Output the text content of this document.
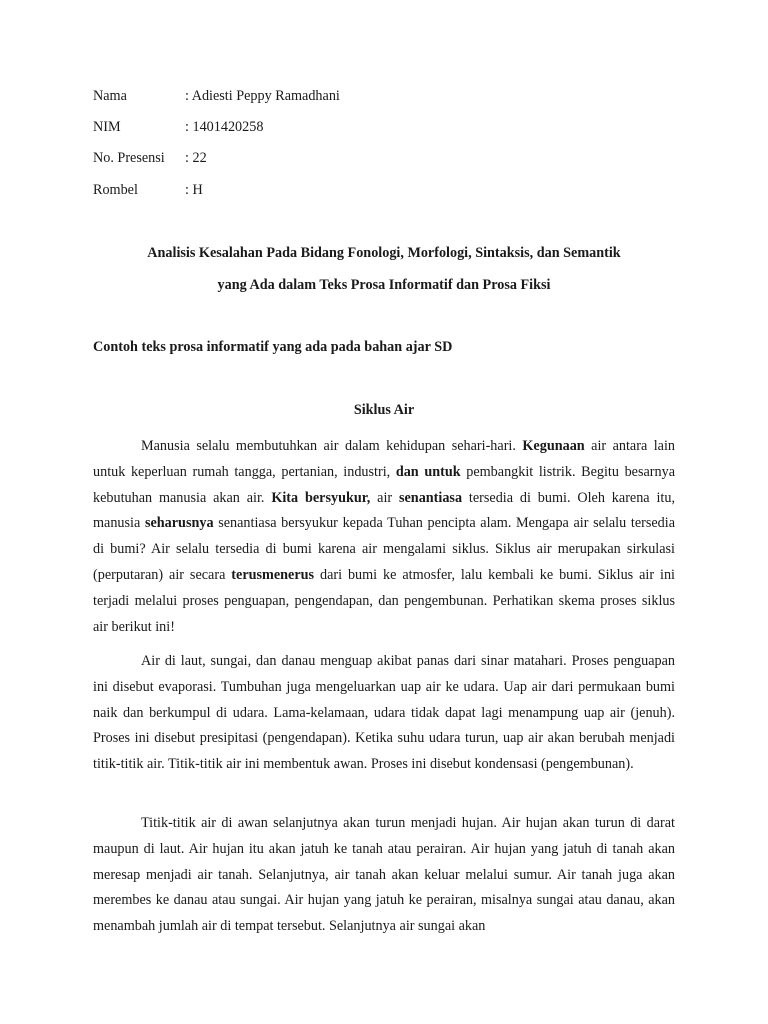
Nama	: Adiesti Peppy Ramadhani
NIM	: 1401420258
No. Presensi : 22
Rombel	: H
Analisis Kesalahan Pada Bidang Fonologi, Morfologi, Sintaksis, dan Semantik
yang Ada dalam Teks Prosa Informatif dan Prosa Fiksi
Contoh teks prosa informatif yang ada pada bahan ajar SD
Siklus Air

Manusia selalu membutuhkan air dalam kehidupan sehari-hari. Kegunaan air antara lain untuk keperluan rumah tangga, pertanian, industri, dan untuk pembangkit listrik. Begitu besarnya kebutuhan manusia akan air. Kita bersyukur, air senantiasa tersedia di bumi. Oleh karena itu, manusia seharusnya senantiasa bersyukur kepada Tuhan pencipta alam. Mengapa air selalu tersedia di bumi? Air selalu tersedia di bumi karena air mengalami siklus. Siklus air merupakan sirkulasi (perputaran) air secara terusmenerus dari bumi ke atmosfer, lalu kembali ke bumi. Siklus air ini terjadi melalui proses penguapan, pengendapan, dan pengembunan. Perhatikan skema proses siklus air berikut ini!

Air di laut, sungai, dan danau menguap akibat panas dari sinar matahari. Proses penguapan ini disebut evaporasi. Tumbuhan juga mengeluarkan uap air ke udara. Uap air dari permukaan bumi naik dan berkumpul di udara. Lama-kelamaan, udara tidak dapat lagi menampung uap air (jenuh). Proses ini disebut presipitasi (pengendapan). Ketika suhu udara turun, uap air akan berubah menjadi titik-titik air. Titik-titik air ini membentuk awan. Proses ini disebut kondensasi (pengembunan).

Titik-titik air di awan selanjutnya akan turun menjadi hujan. Air hujan akan turun di darat maupun di laut. Air hujan itu akan jatuh ke tanah atau perairan. Air hujan yang jatuh di tanah akan meresap menjadi air tanah. Selanjutnya, air tanah akan keluar melalui sumur. Air tanah juga akan merembes ke danau atau sungai. Air hujan yang jatuh ke perairan, misalnya sungai atau danau, akan menambah jumlah air di tempat tersebut. Selanjutnya air sungai akan
